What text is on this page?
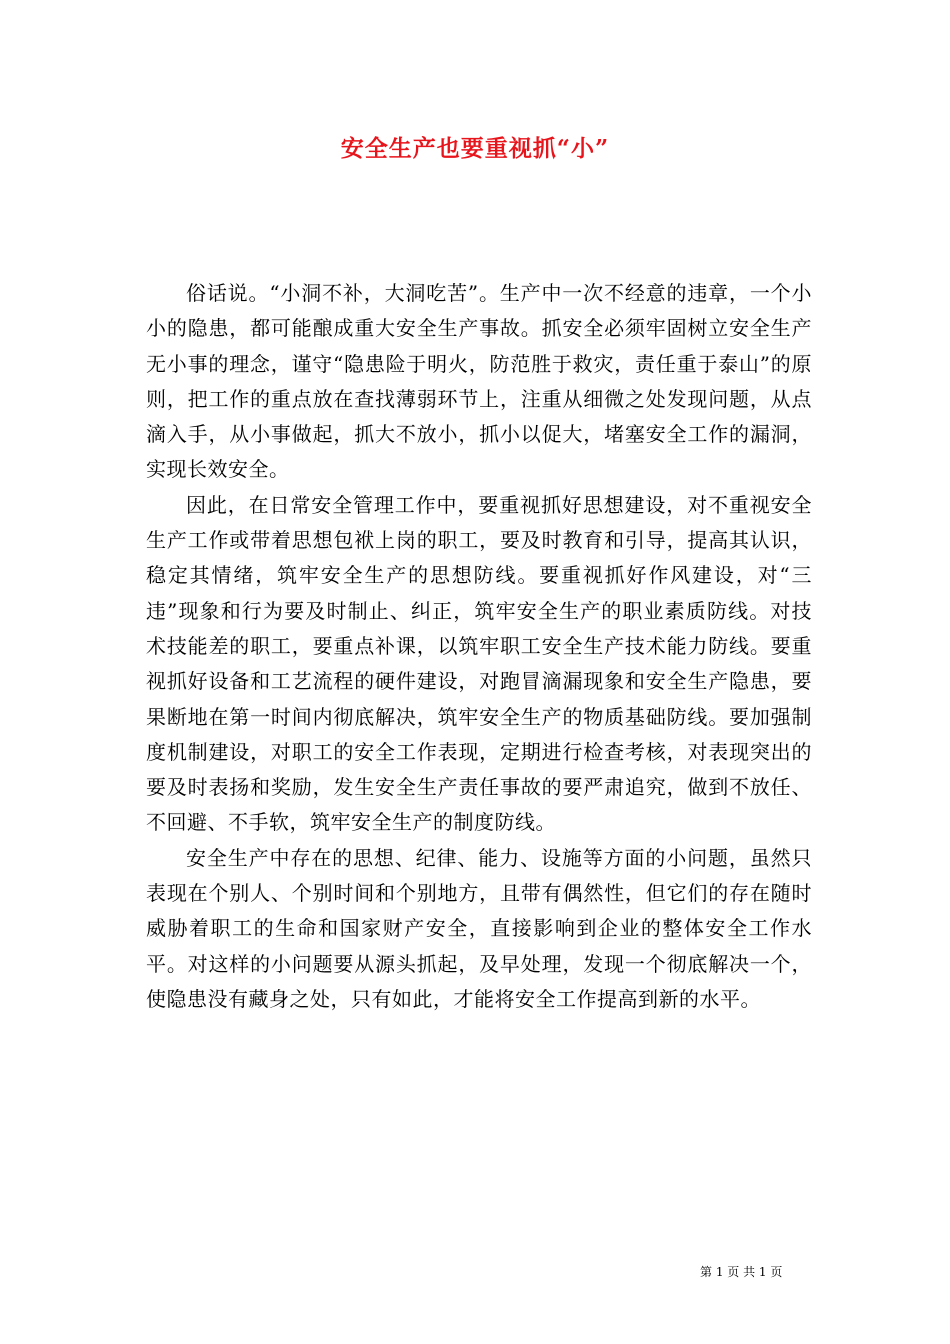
安全生产也要重视抓“小”

俗话说。“小洞不补，大洞吃苦”。生产中一次不经意的违章，一个小小的隐患，都可能酿成重大安全生产事故。抓安全必须牢固树立安全生产无小事的理念，谨守“隐患险于明火，防范胜于救灾，责任重于泰山”的原则，把工作的重点放在查找薄弱环节上，注重从细微之处发现问题，从点滴入手，从小事做起，抓大不放小，抓小以促大，堵塞安全工作的漏洞，实现长效安全。

因此，在日常安全管理工作中，要重视抓好思想建设，对不重视安全生产工作或带着思想包袱上岗的职工，要及时教育和引导，提高其认识，稳定其情绪，筑牢安全生产的思想防线。要重视抓好作风建设，对“三违”现象和行为要及时制止、纠正，筑牢安全生产的职业素质防线。对技术技能差的职工，要重点补课，以筑牢职工安全生产技术能力防线。要重视抓好设备和工艺流程的硬件建设，对跑冒滴漏现象和安全生产隐患，要果断地在第一时间内彻底解决，筑牢安全生产的物质基础防线。要加强制度机制建设，对职工的安全工作表现，定期进行检查考核，对表现突出的要及时表扬和奖励，发生安全生产责任事故的要严肃追究，做到不放任、不回避、不手软，筑牢安全生产的制度防线。

安全生产中存在的思想、纪律、能力、设施等方面的小问题，虽然只表现在个别人、个别时间和个别地方，且带有偶然性，但它们的存在随时威胁着职工的生命和国家财产安全，直接影响到企业的整体安全工作水平。对这样的小问题要从源头抓起，及早处理，发现一个彻底解决一个，使隐患没有藏身之处，只有如此，才能将安全工作提高到新的水平。

第 1 页 共 1 页
